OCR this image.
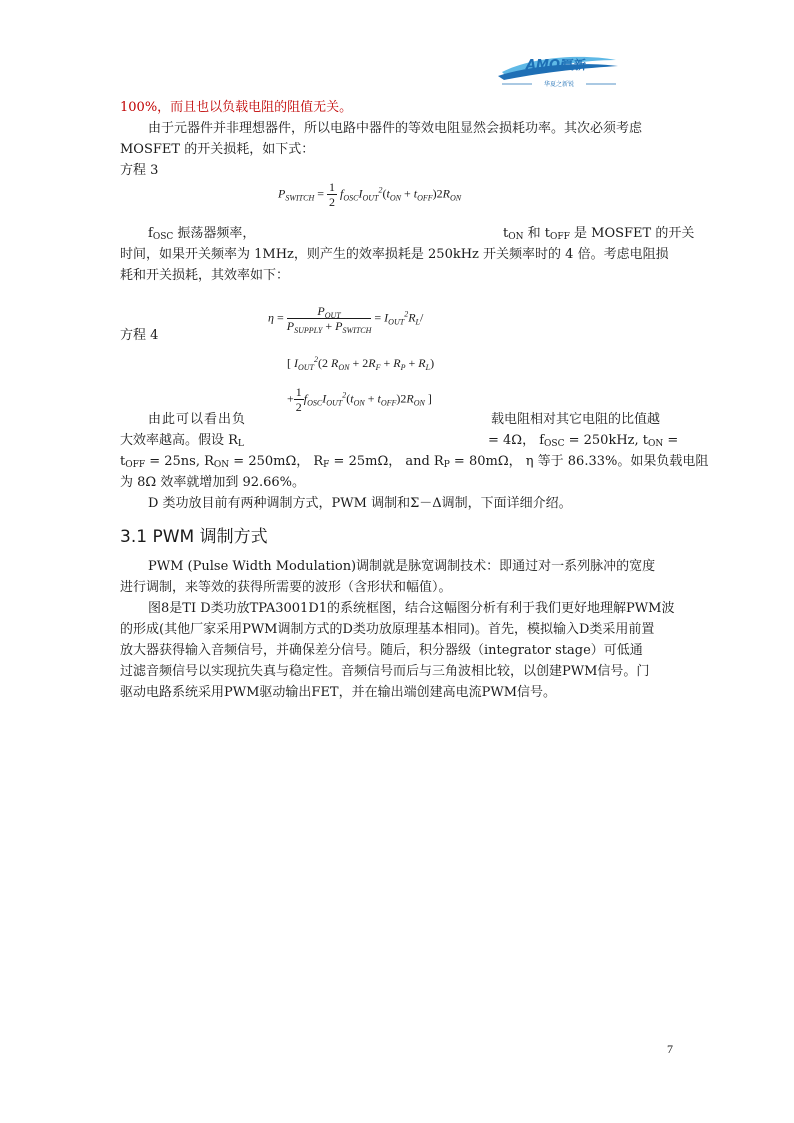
AMOi
夏新
华夏之新锐
100%，而且也以负载电阻的阻值无关。
由于元器件并非理想器件，所以电路中器件的等效电阻显然会损耗功率。其次必须考虑
MOSFET 的开关损耗，如下式：
方程 3
$P_{SWITCH} = \frac{1}{2} f_{OSC}I_{OUT}^2(t_{ON} + t_{OFF})2R_{ON}$
$f_{OSC}$ 振荡器频率，	$t_{ON}$ 和 $t_{OFF}$ 是 MOSFET 的开关
时间，如果开关频率为 1MHz，则产生的效率损耗是 250kHz 开关频率时的 4 倍。考虑电阻损
耗和开关损耗，其效率如下：
$\eta = \frac{P_{OUT}}{P_{SUPPLY} + P_{SWITCH}} = I_{OUT}^2R_L/$
方程 4
[ $I_{OUT}^2(2$ $R_{ON} + 2R_F + R_P + R_L$)
+ $\frac{1}{2} f_{OSC}I_{OUT}^2(t_{ON} + t_{OFF})2R_{ON}$ ]
由此可以看出负	载电阻相对其它电阻的比值越
大效率越高。假设 $R_L$	= 4Ω， $f_{OSC} = 250kHz$, $t_{ON}$ =
$t_{OFF} = 25ns$, $R_{ON} = 250m\Omega$， $R_F = 25m\Omega$， and $R_P = 80m\Omega$， η 等于 86.33%。如果负载电阻
为 8Ω 效率就增加到 92.66%。
D 类功放目前有两种调制方式，PWM 调制和Σ－Δ调制，下面详细介绍。
3.1 PWM 调制方式
PWM (Pulse Width Modulation)调制就是脉宽调制技术：即通过对一系列脉冲的宽度
进行调制，来等效的获得所需要的波形（含形状和幅值）。
图8是TI D类功放TPA3001D1的系统框图，结合这幅图分析有利于我们更好地理解PWM波
的形成(其他厂家采用PWM调制方式的D类功放原理基本相同)。首先，模拟输入D类采用前置
放大器获得输入音频信号，并确保差分信号。随后，积分器级（integrator stage）可低通
过滤音频信号以实现抗失真与稳定性。音频信号而后与三角波相比较，以创建PWM信号。门
驱动电路系统采用PWM驱动输出FET，并在输出端创建高电流PWM信号。
7
